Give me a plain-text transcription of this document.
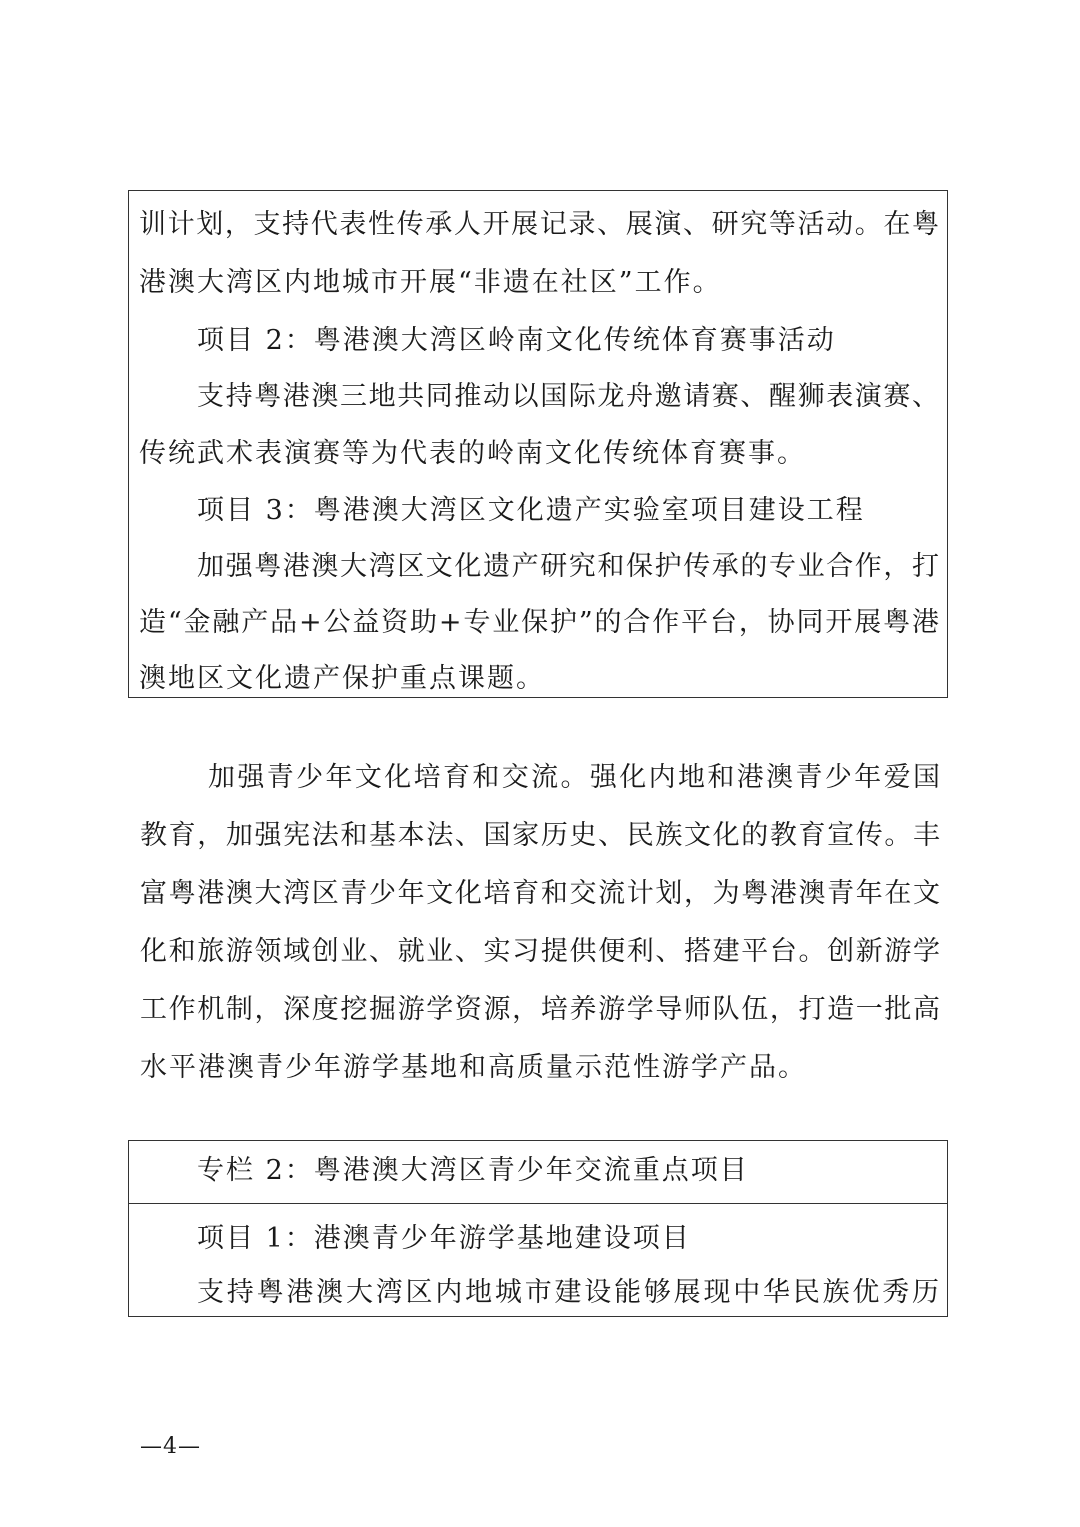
训计划，支持代表性传承人开展记录、展演、研究等活动。在粤
港澳大湾区内地城市开展“非遗在社区”工作。
项目 2：粤港澳大湾区岭南文化传统体育赛事活动
支持粤港澳三地共同推动以国际龙舟邀请赛、醒狮表演赛、
传统武术表演赛等为代表的岭南文化传统体育赛事。
项目 3：粤港澳大湾区文化遗产实验室项目建设工程
加强粤港澳大湾区文化遗产研究和保护传承的专业合作，打
造“金融产品+公益资助+专业保护”的合作平台，协同开展粤港
澳地区文化遗产保护重点课题。
加强青少年文化培育和交流。强化内地和港澳青少年爱国
教育，加强宪法和基本法、国家历史、民族文化的教育宣传。丰
富粤港澳大湾区青少年文化培育和交流计划，为粤港澳青年在文
化和旅游领域创业、就业、实习提供便利、搭建平台。创新游学
工作机制，深度挖掘游学资源，培养游学导师队伍，打造一批高
水平港澳青少年游学基地和高质量示范性游学产品。
专栏 2：粤港澳大湾区青少年交流重点项目
项目 1：港澳青少年游学基地建设项目
支持粤港澳大湾区内地城市建设能够展现中华民族优秀历
—4—
